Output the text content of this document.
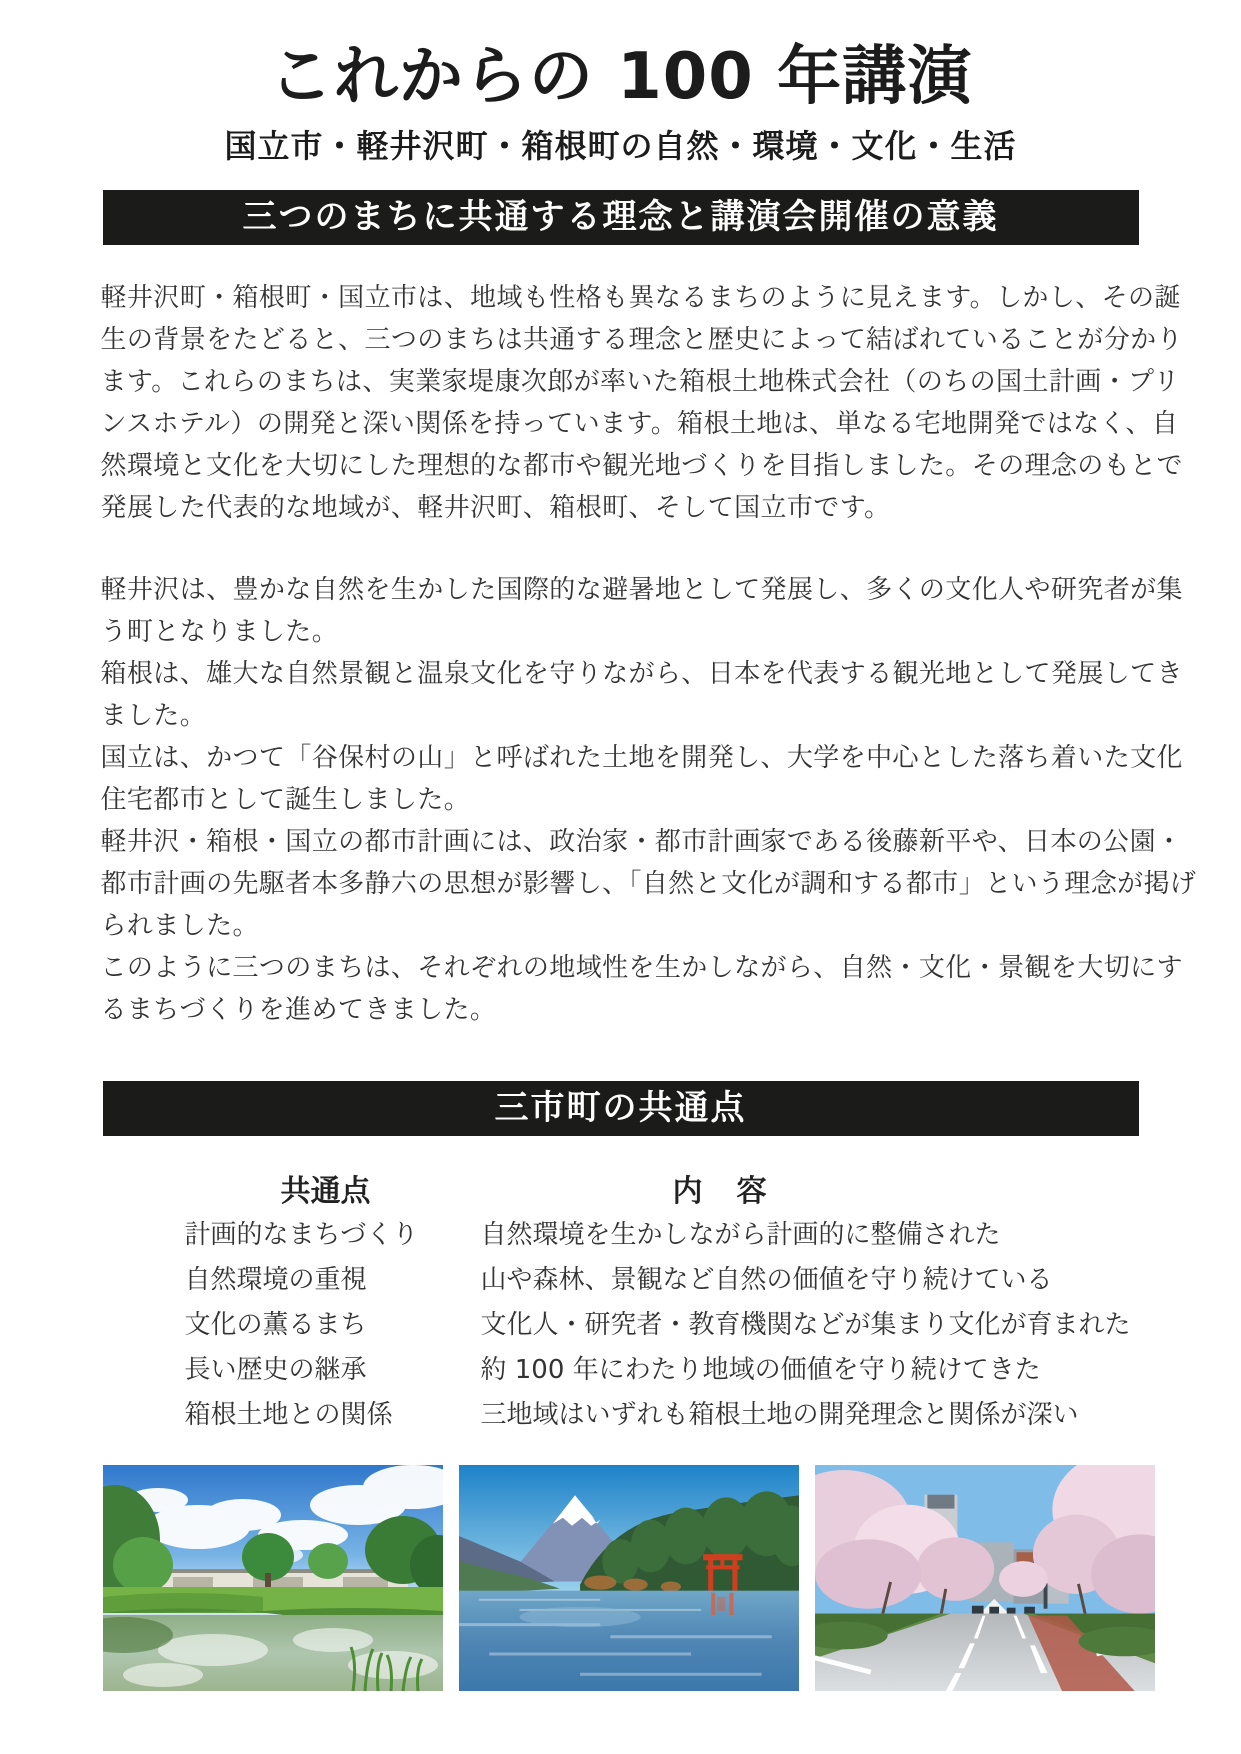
これからの 100 年講演
国立市・軽井沢町・箱根町の自然・環境・文化・生活
三つのまちに共通する理念と講演会開催の意義
軽井沢町・箱根町・国立市は、地域も性格も異なるまちのように見えます。しかし、その誕
生の背景をたどると、三つのまちは共通する理念と歴史によって結ばれていることが分かり
ます。これらのまちは、実業家堤康次郎が率いた箱根土地株式会社（のちの国土計画・プリ
ンスホテル）の開発と深い関係を持っています。箱根土地は、単なる宅地開発ではなく、自
然環境と文化を大切にした理想的な都市や観光地づくりを目指しました。その理念のもとで
発展した代表的な地域が、軽井沢町、箱根町、そして国立市です。
軽井沢は、豊かな自然を生かした国際的な避暑地として発展し、多くの文化人や研究者が集
う町となりました。
箱根は、雄大な自然景観と温泉文化を守りながら、日本を代表する観光地として発展してき
ました。
国立は、かつて「谷保村の山」と呼ばれた土地を開発し、大学を中心とした落ち着いた文化
住宅都市として誕生しました。
軽井沢・箱根・国立の都市計画には、政治家・都市計画家である後藤新平や、日本の公園・
都市計画の先駆者本多静六の思想が影響し、「自然と文化が調和する都市」という理念が掲げ
られました。
このように三つのまちは、それぞれの地域性を生かしながら、自然・文化・景観を大切にす
るまちづくりを進めてきました。
三市町の共通点
共通点	内　容
計画的なまちづくり	自然環境を生かしながら計画的に整備された
自然環境の重視	山や森林、景観など自然の価値を守り続けている
文化の薫るまち	文化人・研究者・教育機関などが集まり文化が育まれた
長い歴史の継承	約 100 年にわたり地域の価値を守り続けてきた
箱根土地との関係	三地域はいずれも箱根土地の開発理念と関係が深い
